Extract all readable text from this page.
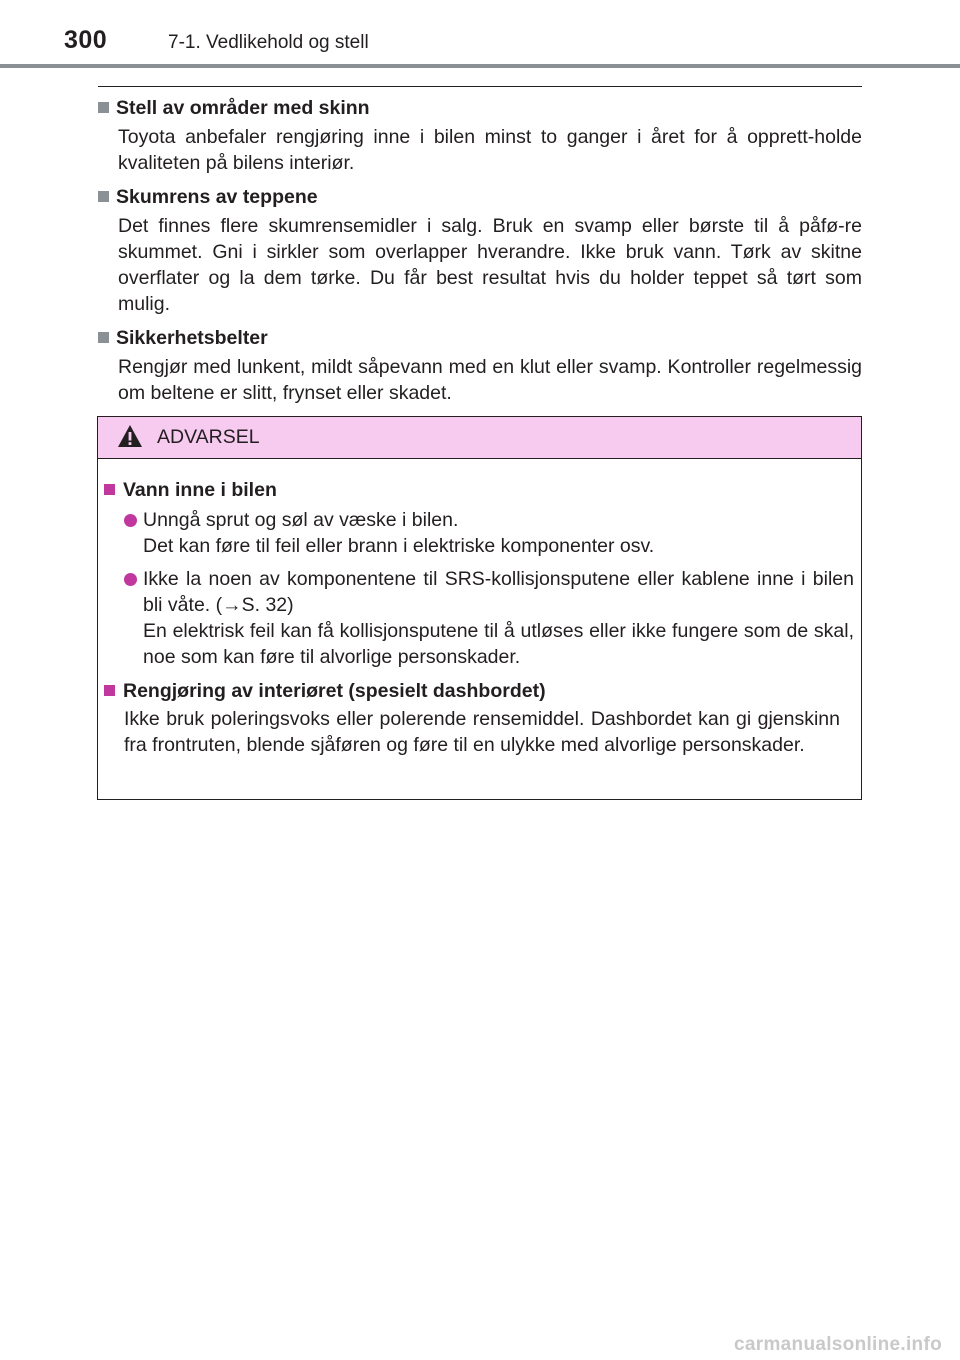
300	7-1. Vedlikehold og stell

Stell av områder med skinn

Toyota anbefaler rengjøring inne i bilen minst to ganger i året for å opprett-holde kvaliteten på bilens interiør.

Skumrens av teppene

Det finnes flere skumrensemidler i salg. Bruk en svamp eller børste til å påfø-re skummet. Gni i sirkler som overlapper hverandre. Ikke bruk vann. Tørk av skitne overflater og la dem tørke. Du får best resultat hvis du holder teppet så tørt som mulig.

Sikkerhetsbelter

Rengjør med lunkent, mildt såpevann med en klut eller svamp. Kontroller regelmessig om beltene er slitt, frynset eller skadet.

ADVARSEL

Vann inne i bilen

Unngå sprut og søl av væske i bilen.
Det kan føre til feil eller brann i elektriske komponenter osv.
Ikke la noen av komponentene til SRS-kollisjonsputene eller kablene inne i bilen bli våte. (→S. 32)
En elektrisk feil kan få kollisjonsputene til å utløses eller ikke fungere som de skal, noe som kan føre til alvorlige personskader.

Rengjøring av interiøret (spesielt dashbordet)

Ikke bruk poleringsvoks eller polerende rensemiddel. Dashbordet kan gi gjenskinn fra frontruten, blende sjåføren og føre til en ulykke med alvorlige personskader.

carmanualsonline.info
